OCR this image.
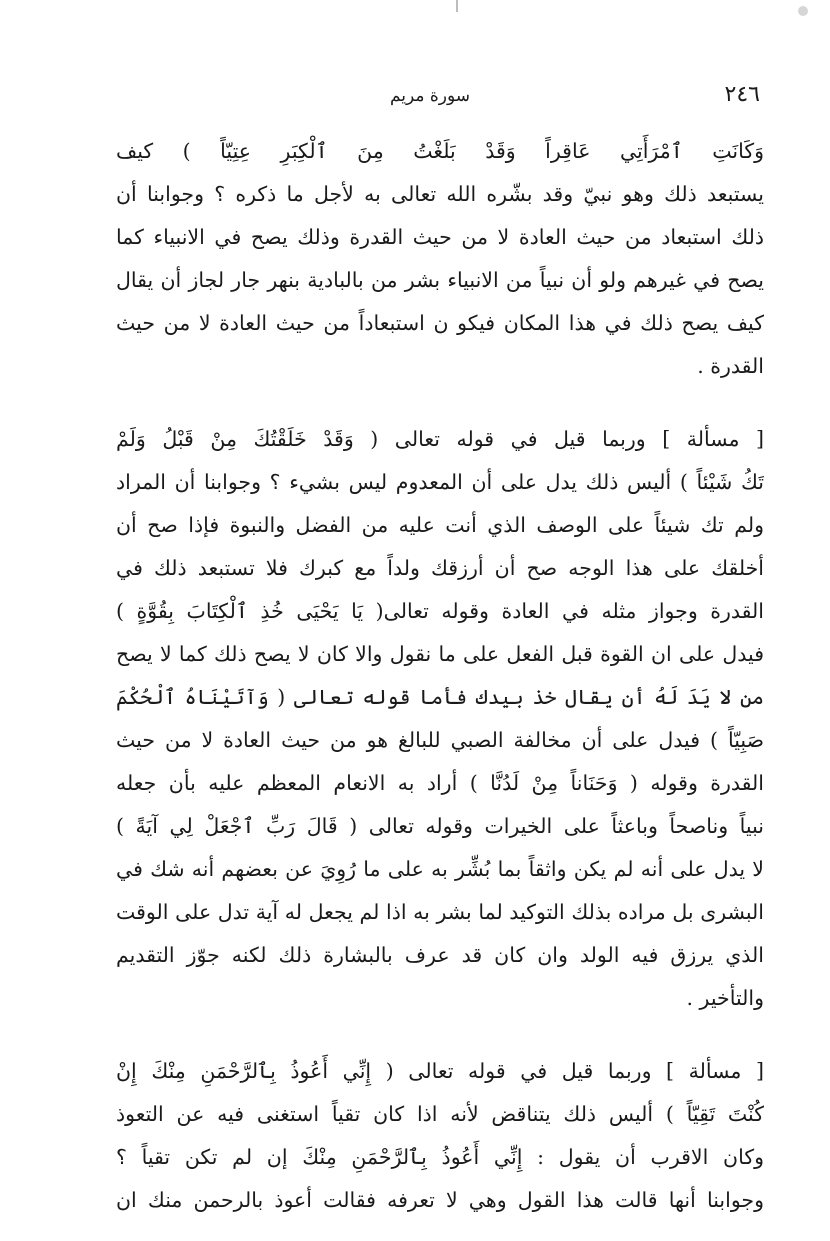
٢٤٦
سورة مريم
وَكَانَتِ ٱمْرَأَتِي عَاقِراً وَقَدْ بَلَغْتُ مِنَ ٱلْكِبَرِ عِتِيّاً ) كيف
يستبعد ذلك وهو نبيّ وقد بشّره الله تعالى به لأجل ما ذكره ؟ وجوابنا أن
ذلك استبعاد من حيث العادة لا من حيث القدرة وذلك يصح في الانبياء كما
يصح في غيرهم ولو أن نبياً من الانبياء بشر من بالبادية بنهر جار لجاز أن يقال
كيف يصح ذلك في هذا المكان فيكو ن استبعاداً من حيث العادة لا من حيث
القدرة .
[ مسألة ] وربما قيل في قوله تعالى ( وَقَدْ خَلَقْتُكَ مِنْ قَبْلُ وَلَمْ
تَكُ شَيْئاً ) أليس ذلك يدل على أن المعدوم ليس بشيء ؟ وجوابنا أن المراد
ولم تك شيئاً على الوصف الذي أنت عليه من الفضل والنبوة فإذا صح أن
أخلقك على هذا الوجه صح أن أرزقك ولداً مع كبرك فلا تستبعد ذلك في
القدرة وجواز مثله في العادة وقوله تعالى( يَا يَحْيَى خُذِ ٱلْكِتَابَ بِقُوَّةٍ )
فيدل على ان القوة قبل الفعل على ما نقول والا كان لا يصح ذلك كما لا يصح
من لا يَدَ لَهُ أن يقال خذ بيدك فأما قوله تعالى ( وَآتَيْنَاهُ ٱلْحُكْمَ
صَبِيّاً ) فيدل على أن مخالفة الصبي للبالغ هو من حيث العادة لا من حيث
القدرة وقوله ( وَحَنَاناً مِنْ لَدُنَّا ) أراد به الانعام المعظم عليه بأن جعله
نبياً وناصحاً وباعثاً على الخيرات وقوله تعالى ( قَالَ رَبِّ ٱجْعَلْ لِي آيَةً )
لا يدل على أنه لم يكن واثقاً بما بُشِّر به على ما رُوِيَ عن بعضهم أنه شك في
البشرى بل مراده بذلك التوكيد لما بشر به اذا لم يجعل له آية تدل على الوقت
الذي يرزق فيه الولد وان كان قد عرف بالبشارة ذلك لكنه جوّز التقديم
والتأخير .
[ مسألة ] وربما قيل في قوله تعالى ( إِنِّي أَعُوذُ بِٱلرَّحْمَنِ مِنْكَ إِنْ
كُنْتَ تَقِيّاً ) أليس ذلك يتناقض لأنه اذا كان تقياً استغنى فيه عن التعوذ
وكان الاقرب أن يقول : إِنِّي أَعُوذُ بِٱلرَّحْمَنِ مِنْكَ إن لم تكن تقياً ؟
وجوابنا أنها قالت هذا القول وهي لا تعرفه فقالت أعوذ بالرحمن منك ان
